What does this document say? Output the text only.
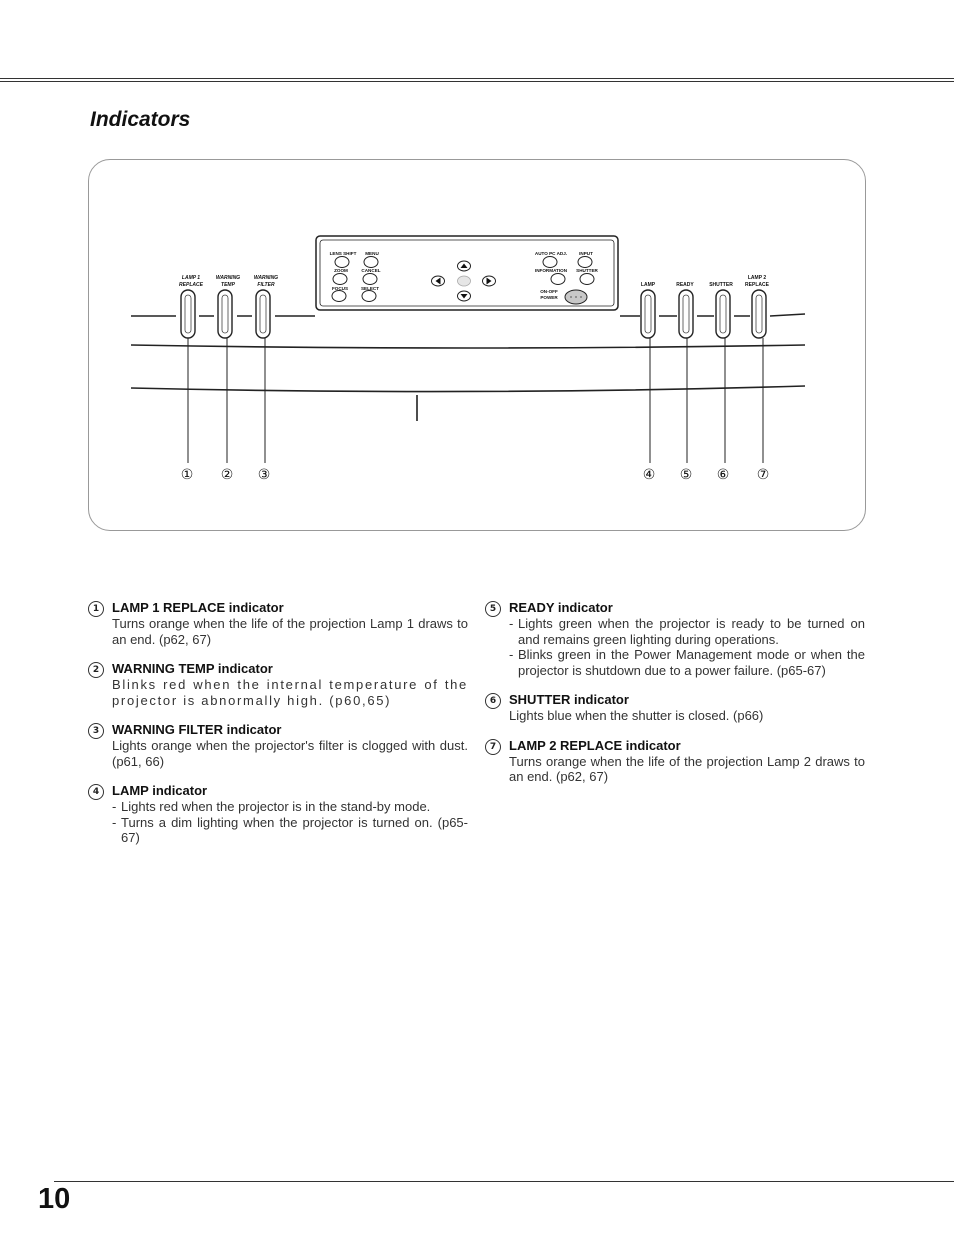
Indicators
LENS SHIFT MENU
ZOOM	CANCEL
FOCUS	SELECT
AUTO PC ADJ.	INPUT
INFORMATION SHUTTER
ON-OFF
POWER
LAMP 1
REPLACE
WARNING
TEMP
WARNING
FILTER	LAMP	READY	SHUTTER
LAMP 2
REPLACE
① ② ③	④ ⑤ ⑥ ⑦
1 LAMP 1 REPLACE indicator
Turns orange when the life of the projection Lamp 1 draws to an end. (p62, 67)
2 WARNING TEMP indicator
Blinks red when the internal temperature of the projector is abnormally high. (p60,65)
3 WARNING FILTER indicator
Lights orange when the projector's filter is clogged with dust. (p61, 66)
4 LAMP indicator
- Lights red when the projector is in the stand-by mode.
- Turns a dim lighting when the projector is turned on. (p65-67)
5 READY indicator
- Lights green when the projector is ready to be turned on and remains green lighting during operations.
- Blinks green in the Power Management mode or when the projector is shutdown due to a power failure. (p65-67)
6 SHUTTER indicator
Lights blue when the shutter is closed. (p66)
7 LAMP 2 REPLACE indicator
Turns orange when the life of the projection Lamp 2 draws to an end. (p62, 67)
10
